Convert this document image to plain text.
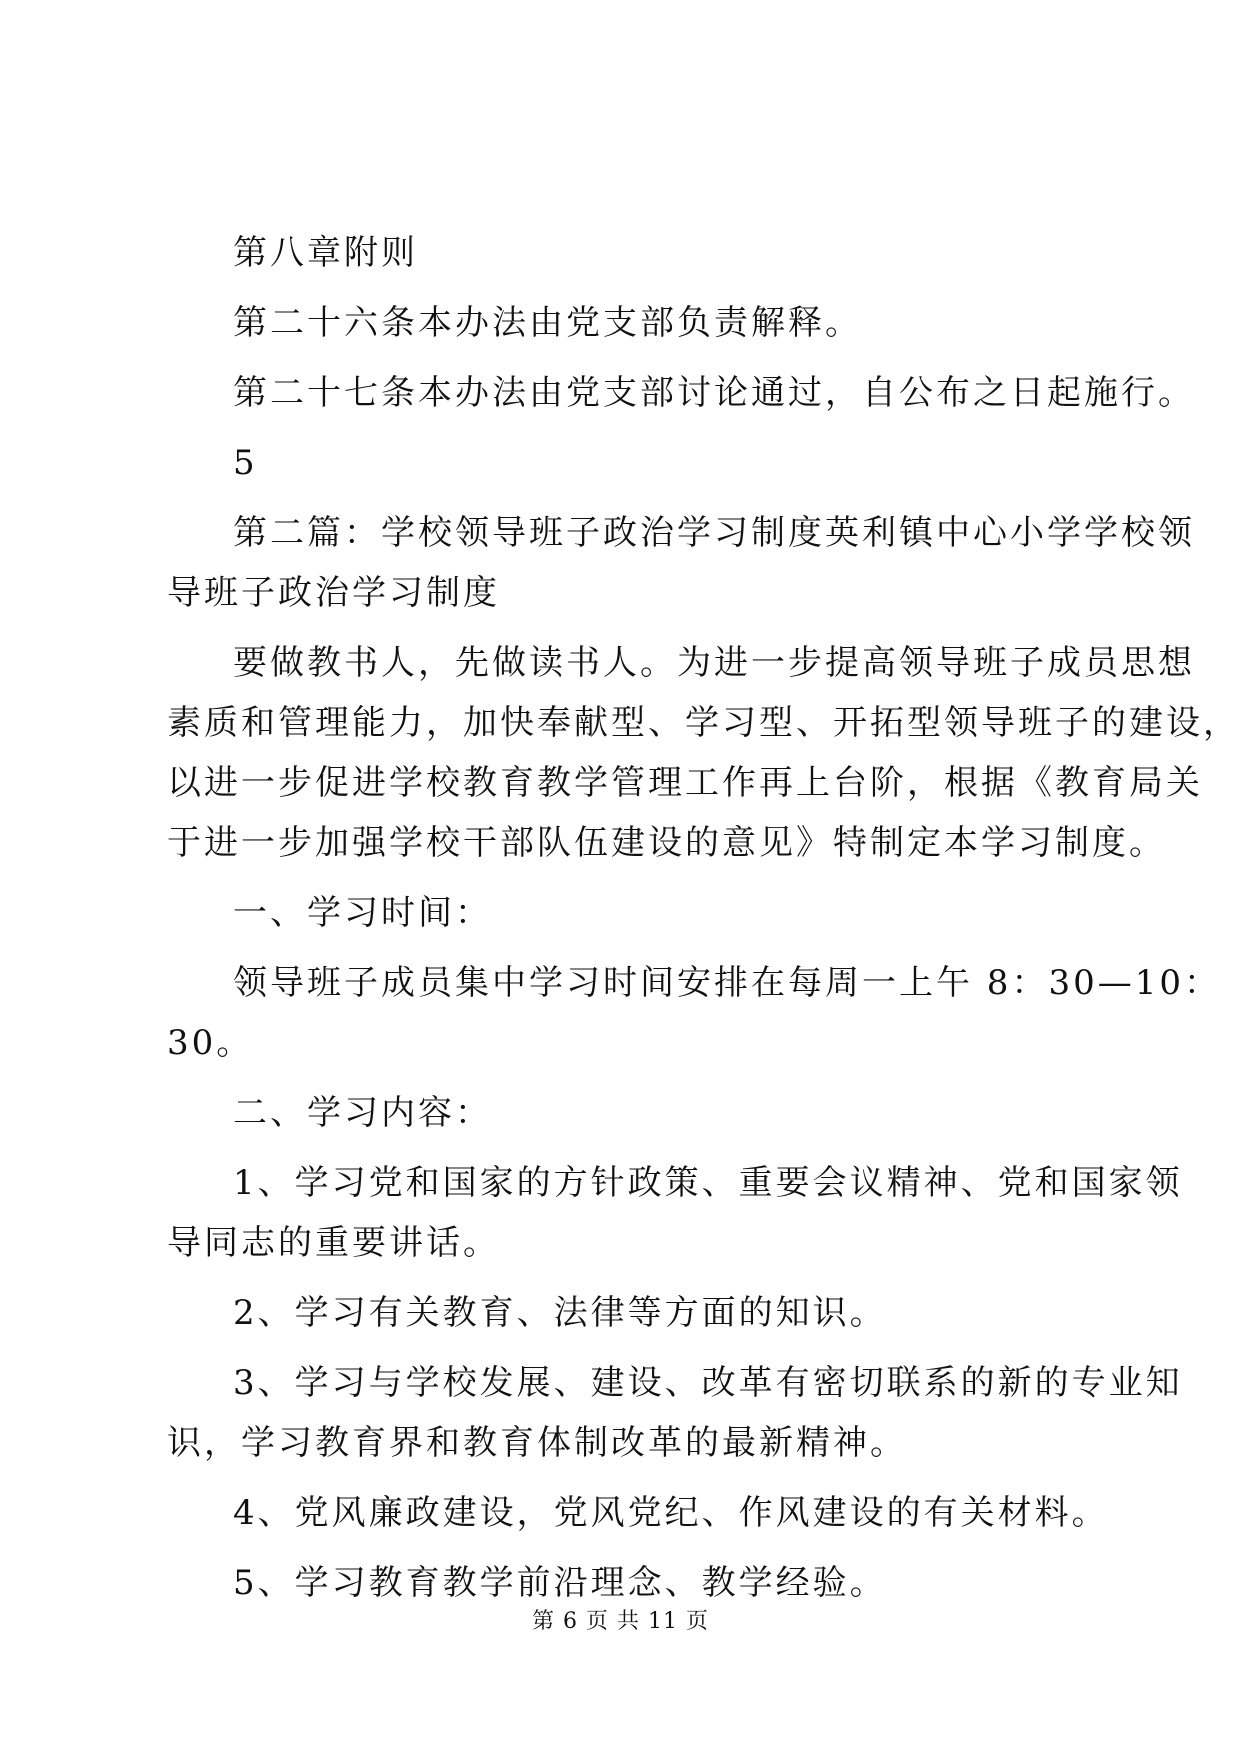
第八章附则
第二十六条本办法由党支部负责解释。
第二十七条本办法由党支部讨论通过，自公布之日起施行。
5
第二篇：学校领导班子政治学习制度英利镇中心小学学校领
导班子政治学习制度
要做教书人，先做读书人。为进一步提高领导班子成员思想
素质和管理能力，加快奉献型、学习型、开拓型领导班子的建设，
以进一步促进学校教育教学管理工作再上台阶，根据《教育局关
于进一步加强学校干部队伍建设的意见》特制定本学习制度。
一、学习时间：
领导班子成员集中学习时间安排在每周一上午 8：30—10：
30。
二、学习内容：
1、学习党和国家的方针政策、重要会议精神、党和国家领
导同志的重要讲话。
2、学习有关教育、法律等方面的知识。
3、学习与学校发展、建设、改革有密切联系的新的专业知
识，学习教育界和教育体制改革的最新精神。
4、党风廉政建设，党风党纪、作风建设的有关材料。
5、学习教育教学前沿理念、教学经验。
第 6 页 共 11 页
